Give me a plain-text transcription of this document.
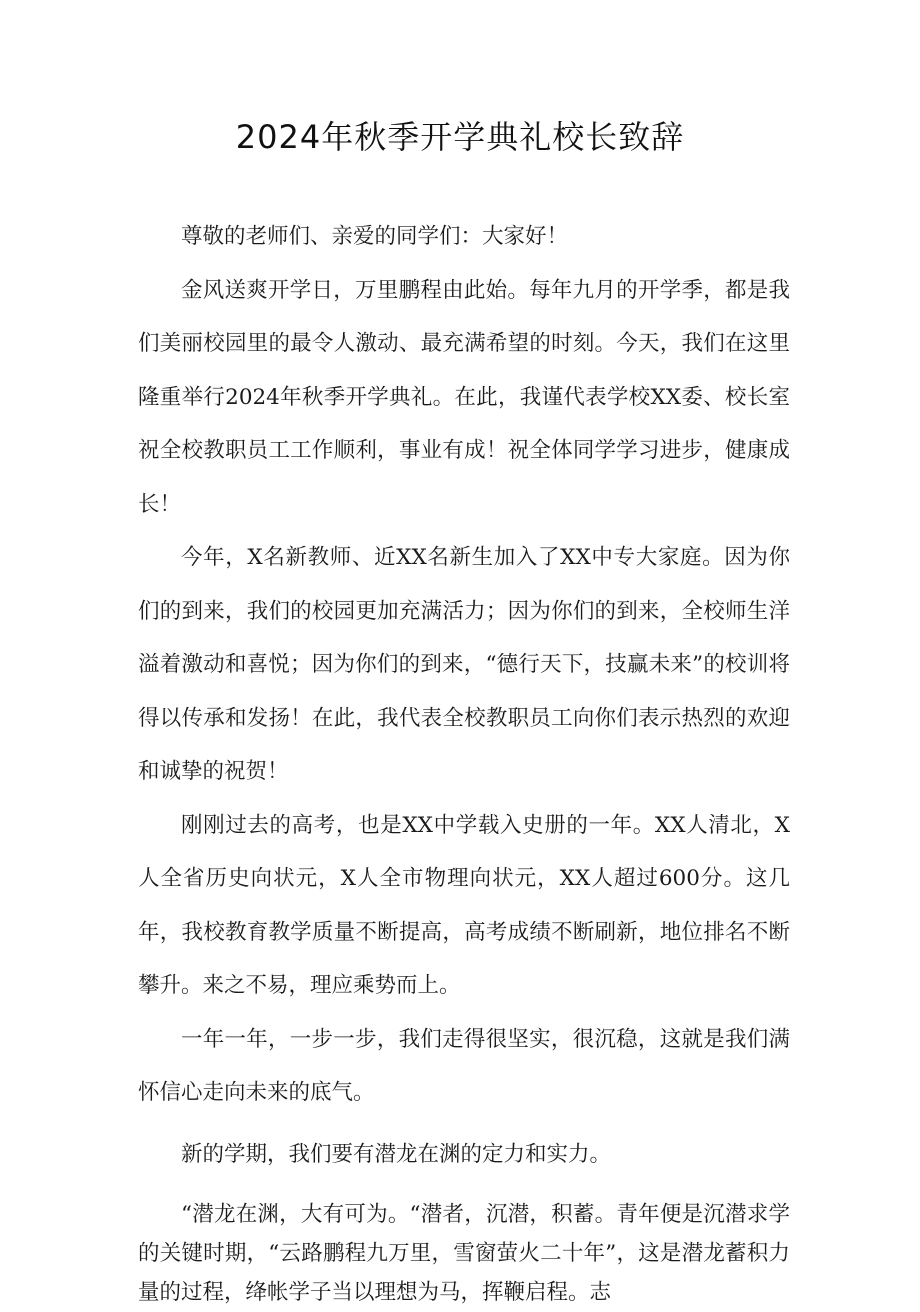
2024年秋季开学典礼校长致辞

尊敬的老师们、亲爱的同学们：大家好！

金风送爽开学日，万里鹏程由此始。每年九月的开学季，都是我们美丽校园里的最令人激动、最充满希望的时刻。今天，我们在这里隆重举行2024年秋季开学典礼。在此，我谨代表学校XX委、校长室祝全校教职员工工作顺利，事业有成！祝全体同学学习进步，健康成长！

今年，X名新教师、近XX名新生加入了XX中专大家庭。因为你们的到来，我们的校园更加充满活力；因为你们的到来，全校师生洋溢着激动和喜悦；因为你们的到来，“德行天下，技赢未来”的校训将得以传承和发扬！在此，我代表全校教职员工向你们表示热烈的欢迎和诚挚的祝贺！

刚刚过去的高考，也是XX中学载入史册的一年。XX人清北，X人全省历史向状元，X人全市物理向状元，XX人超过600分。这几年，我校教育教学质量不断提高，高考成绩不断刷新，地位排名不断攀升。来之不易，理应乘势而上。

一年一年，一步一步，我们走得很坚实，很沉稳，这就是我们满怀信心走向未来的底气。

新的学期，我们要有潜龙在渊的定力和实力。

“潜龙在渊，大有可为。“潜者，沉潜，积蓄。青年便是沉潜求学的关键时期，“云路鹏程九万里，雪窗萤火二十年”，这是潜龙蓄积力量的过程，绛帐学子当以理想为马，挥鞭启程。志
